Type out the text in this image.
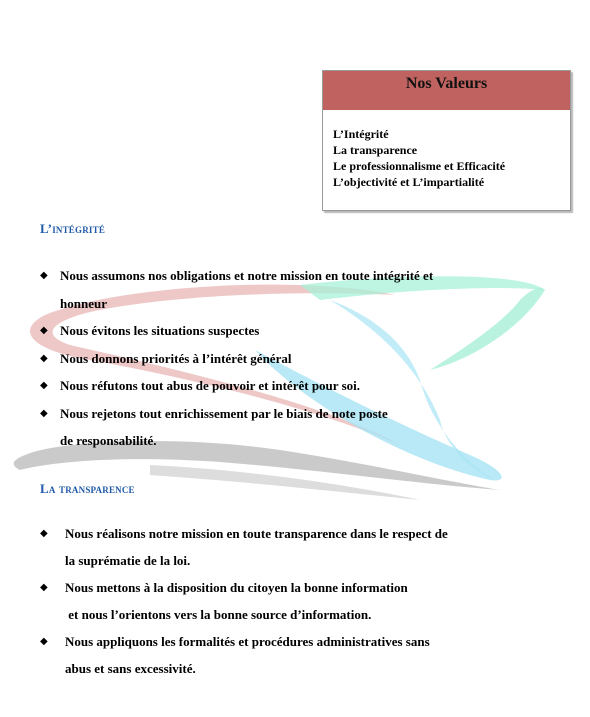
Nos Valeurs
L’Intégrité
La transparence
Le professionnalisme et Efficacité
L’objectivité et L’impartialité
L’intégrité
◆ Nous assumons nos obligations et notre mission en toute intégrité et
honneur
◆ Nous évitons les situations suspectes
◆ Nous donnons priorités à l’intérêt général
◆ Nous réfutons tout abus de pouvoir et intérêt pour soi.
◆ Nous rejetons tout enrichissement par le biais de note poste
de responsabilité.
La transparence
◆ Nous réalisons notre mission en toute transparence dans le respect de
la suprématie de la loi.
◆ Nous mettons à la disposition du citoyen la bonne information
et nous l’orientons vers la bonne source d’information.
◆ Nous appliquons les formalités et procédures administratives sans
abus et sans excessivité.
